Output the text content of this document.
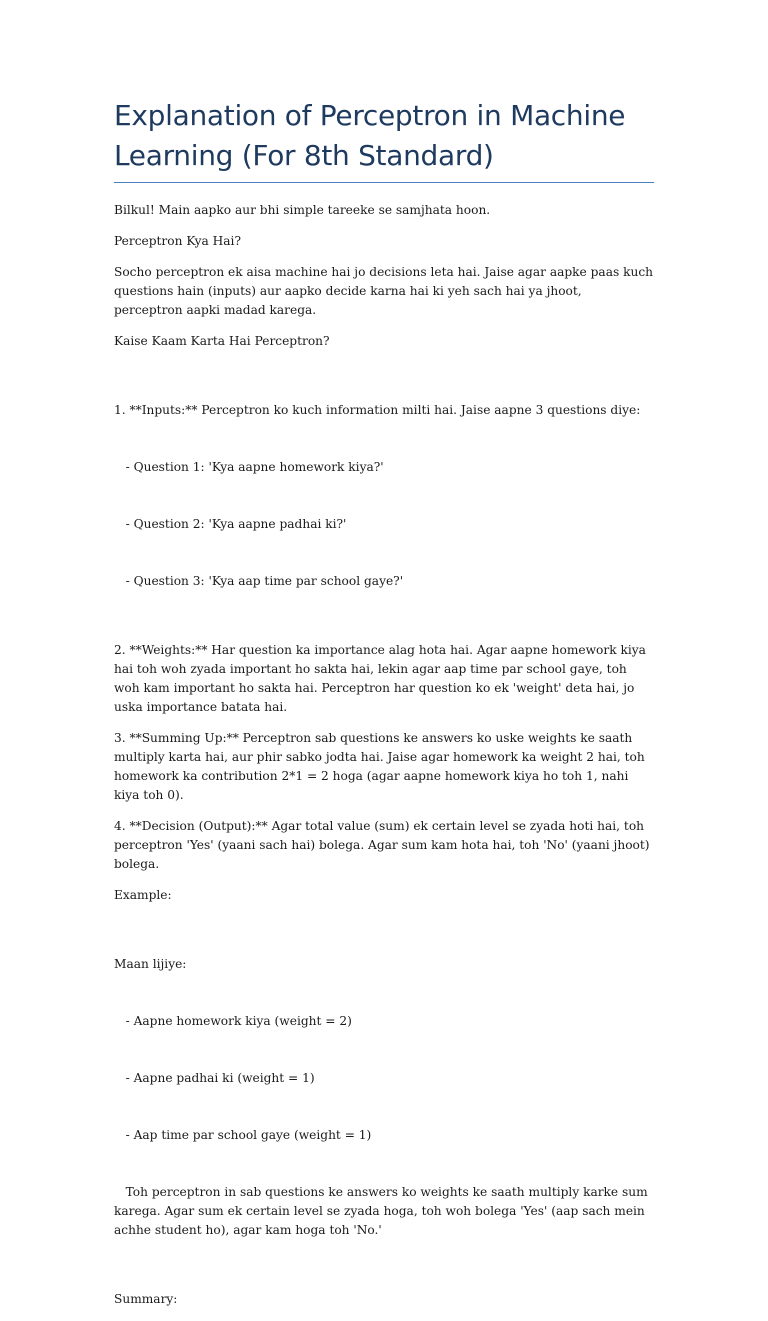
Explanation of Perceptron in Machine
Learning (For 8th Standard)

Bilkul! Main aapko aur bhi simple tareeke se samjhata hoon.

Perceptron Kya Hai?

Socho perceptron ek aisa machine hai jo decisions leta hai. Jaise agar aapke paas kuch questions hain (inputs) aur aapko decide karna hai ki yeh sach hai ya jhoot, perceptron aapki madad karega.

Kaise Kaam Karta Hai Perceptron?

1. **Inputs:** Perceptron ko kuch information milti hai. Jaise aapne 3 questions diye:

- Question 1: 'Kya aapne homework kiya?'

- Question 2: 'Kya aapne padhai ki?'

- Question 3: 'Kya aap time par school gaye?'

2. **Weights:** Har question ka importance alag hota hai. Agar aapne homework kiya hai toh woh zyada important ho sakta hai, lekin agar aap time par school gaye, toh woh kam important ho sakta hai. Perceptron har question ko ek 'weight' deta hai, jo uska importance batata hai.

3. **Summing Up:** Perceptron sab questions ke answers ko uske weights ke saath multiply karta hai, aur phir sabko jodta hai. Jaise agar homework ka weight 2 hai, toh homework ka contribution 2*1 = 2 hoga (agar aapne homework kiya ho toh 1, nahi kiya toh 0).

4. **Decision (Output):** Agar total value (sum) ek certain level se zyada hoti hai, toh perceptron 'Yes' (yaani sach hai) bolega. Agar sum kam hota hai, toh 'No' (yaani jhoot) bolega.

Example:

Maan lijiye:

- Aapne homework kiya (weight = 2)

- Aapne padhai ki (weight = 1)

- Aap time par school gaye (weight = 1)

Toh perceptron in sab questions ke answers ko weights ke saath multiply karke sum karega. Agar sum ek certain level se zyada hoga, toh woh bolega 'Yes' (aap sach mein achhe student ho), agar kam hoga toh 'No.'

Summary:
